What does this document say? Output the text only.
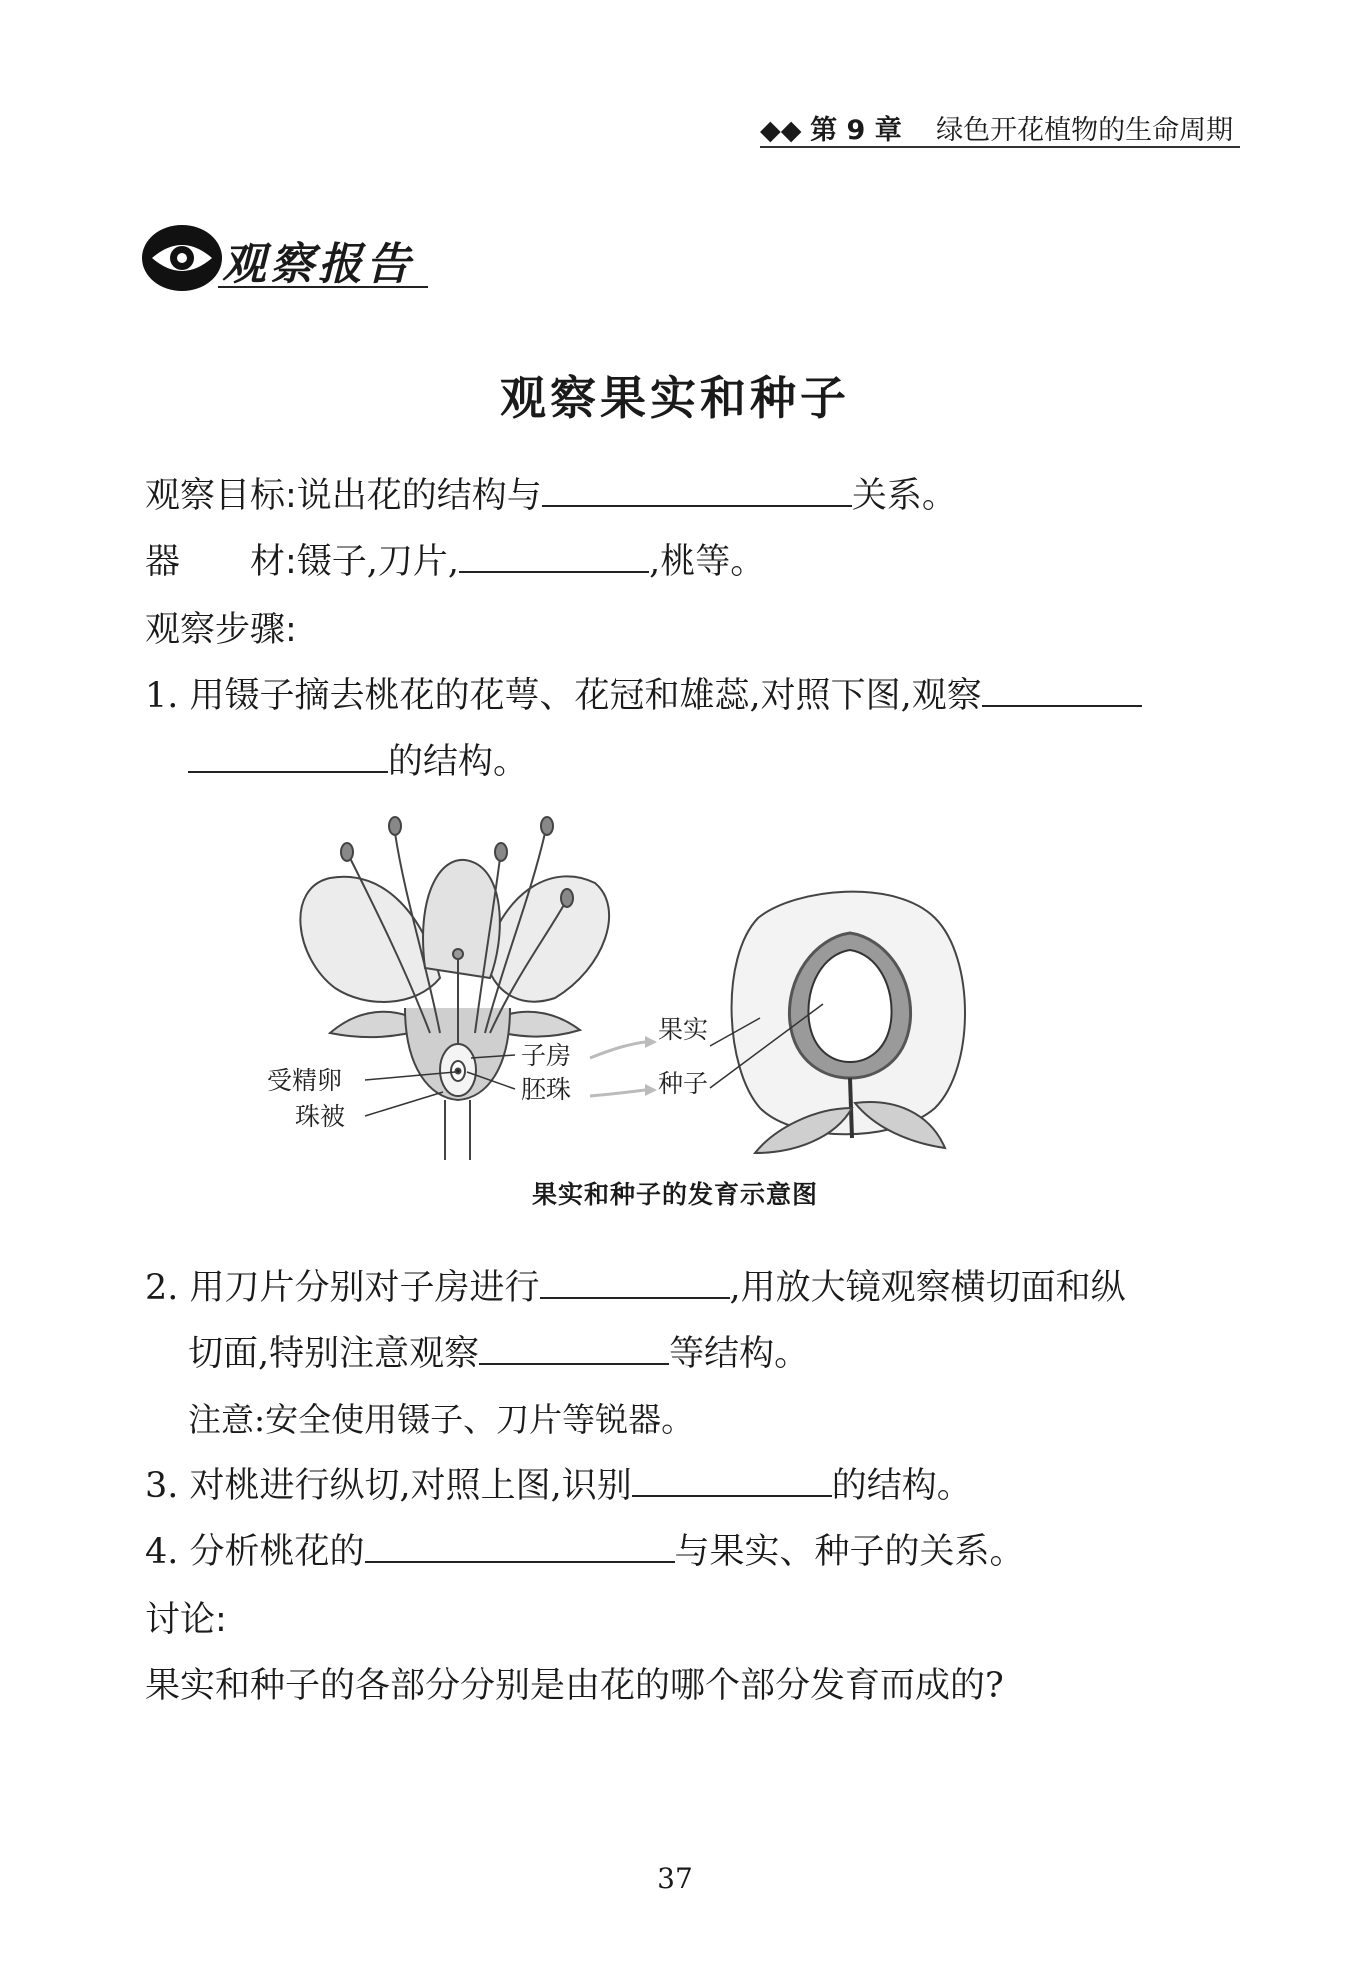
◆◆ 第 9 章 绿色开花植物的生命周期
观察报告
观察果实和种子
观察目标:说出花的结构与	关系。
器　　材:镊子,刀片,	,桃等。
观察步骤:
1. 用镊子摘去桃花的花萼、花冠和雄蕊,对照下图,观察
的结构。
受精卵
珠被
子房
胚珠
果实
种子
果实和种子的发育示意图
2. 用刀片分别对子房进行	,用放大镜观察横切面和纵
切面,特别注意观察	等结构。
注意:安全使用镊子、刀片等锐器。
3. 对桃进行纵切,对照上图,识别	的结构。
4. 分析桃花的	与果实、种子的关系。
讨论:
果实和种子的各部分分别是由花的哪个部分发育而成的?
37
